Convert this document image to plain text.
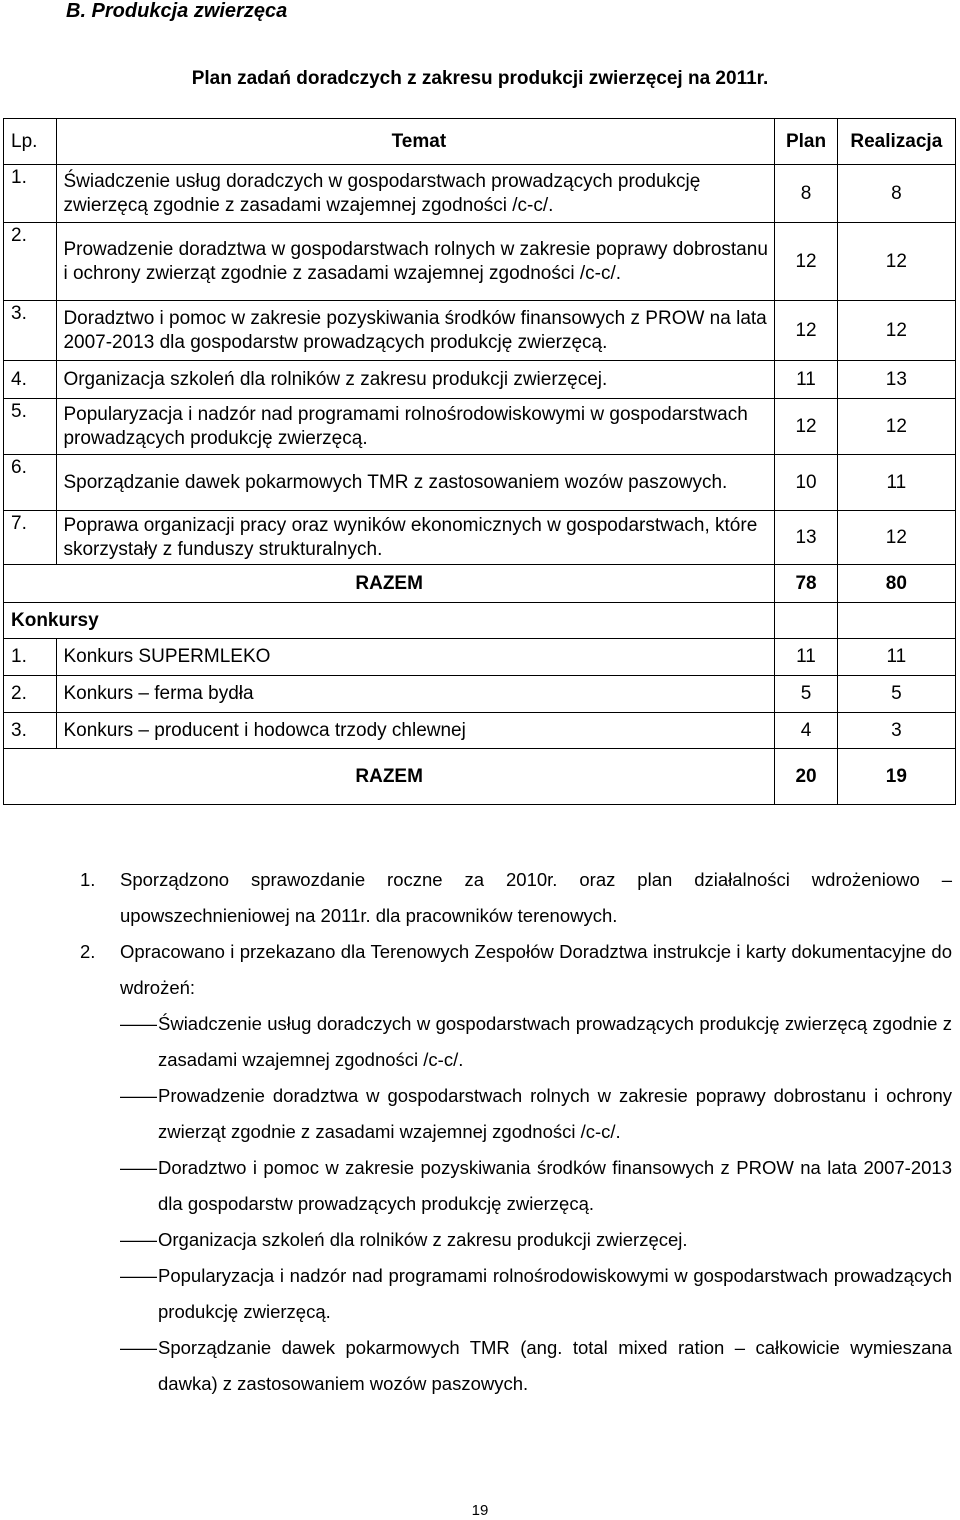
B. Produkcja zwierzęca
Plan zadań doradczych z zakresu produkcji zwierzęcej na 2011r.
Lp.	Temat	Plan	Realizacja
1.	Świadczenie usług doradczych w gospodarstwach prowadzących produkcję zwierzęcą zgodnie z zasadami wzajemnej zgodności /c-c/.	8	8
2.	Prowadzenie doradztwa w gospodarstwach rolnych w zakresie poprawy dobrostanu i ochrony zwierząt zgodnie z zasadami wzajemnej zgodności /c-c/.	12	12
3.	Doradztwo i pomoc w zakresie pozyskiwania środków finansowych z PROW na lata 2007-2013 dla gospodarstw prowadzących produkcję zwierzęcą.	12	12
4.	Organizacja szkoleń dla rolników z zakresu produkcji zwierzęcej.	11	13
5.	Popularyzacja i nadzór nad programami rolnośrodowiskowymi w gospodarstwach prowadzących produkcję zwierzęcą.	12	12
6.	Sporządzanie dawek pokarmowych TMR z zastosowaniem wozów paszowych.	10	11
7.	Poprawa organizacji pracy oraz wyników ekonomicznych w gospodarstwach, które skorzystały z funduszy strukturalnych.	13	12
RAZEM		78	80
Konkursy			
1.	Konkurs SUPERMLEKO	11	11
2.	Konkurs – ferma bydła	5	5
3.	Konkurs – producent i hodowca trzody chlewnej	4	3
RAZEM		20	19
1. Sporządzono sprawozdanie roczne za 2010r. oraz plan działalności wdrożeniowo – upowszechnieniowej na 2011r. dla pracowników terenowych.
2. Opracowano i przekazano dla Terenowych Zespołów Doradztwa instrukcje i karty dokumentacyjne do wdrożeń:
—— Świadczenie usług doradczych w gospodarstwach prowadzących produkcję zwierzęcą zgodnie z zasadami wzajemnej zgodności /c-c/.
—— Prowadzenie doradztwa w gospodarstwach rolnych w zakresie poprawy dobrostanu i ochrony zwierząt zgodnie z zasadami wzajemnej zgodności /c-c/.
—— Doradztwo i pomoc w zakresie pozyskiwania środków finansowych z PROW na lata 2007-2013 dla gospodarstw prowadzących produkcję zwierzęcą.
—— Organizacja szkoleń dla rolników z zakresu produkcji zwierzęcej.
—— Popularyzacja i nadzór nad programami rolnośrodowiskowymi w gospodarstwach prowadzących produkcję zwierzęcą.
—— Sporządzanie dawek pokarmowych TMR (ang. total mixed ration – całkowicie wymieszana dawka) z zastosowaniem wozów paszowych.
19
